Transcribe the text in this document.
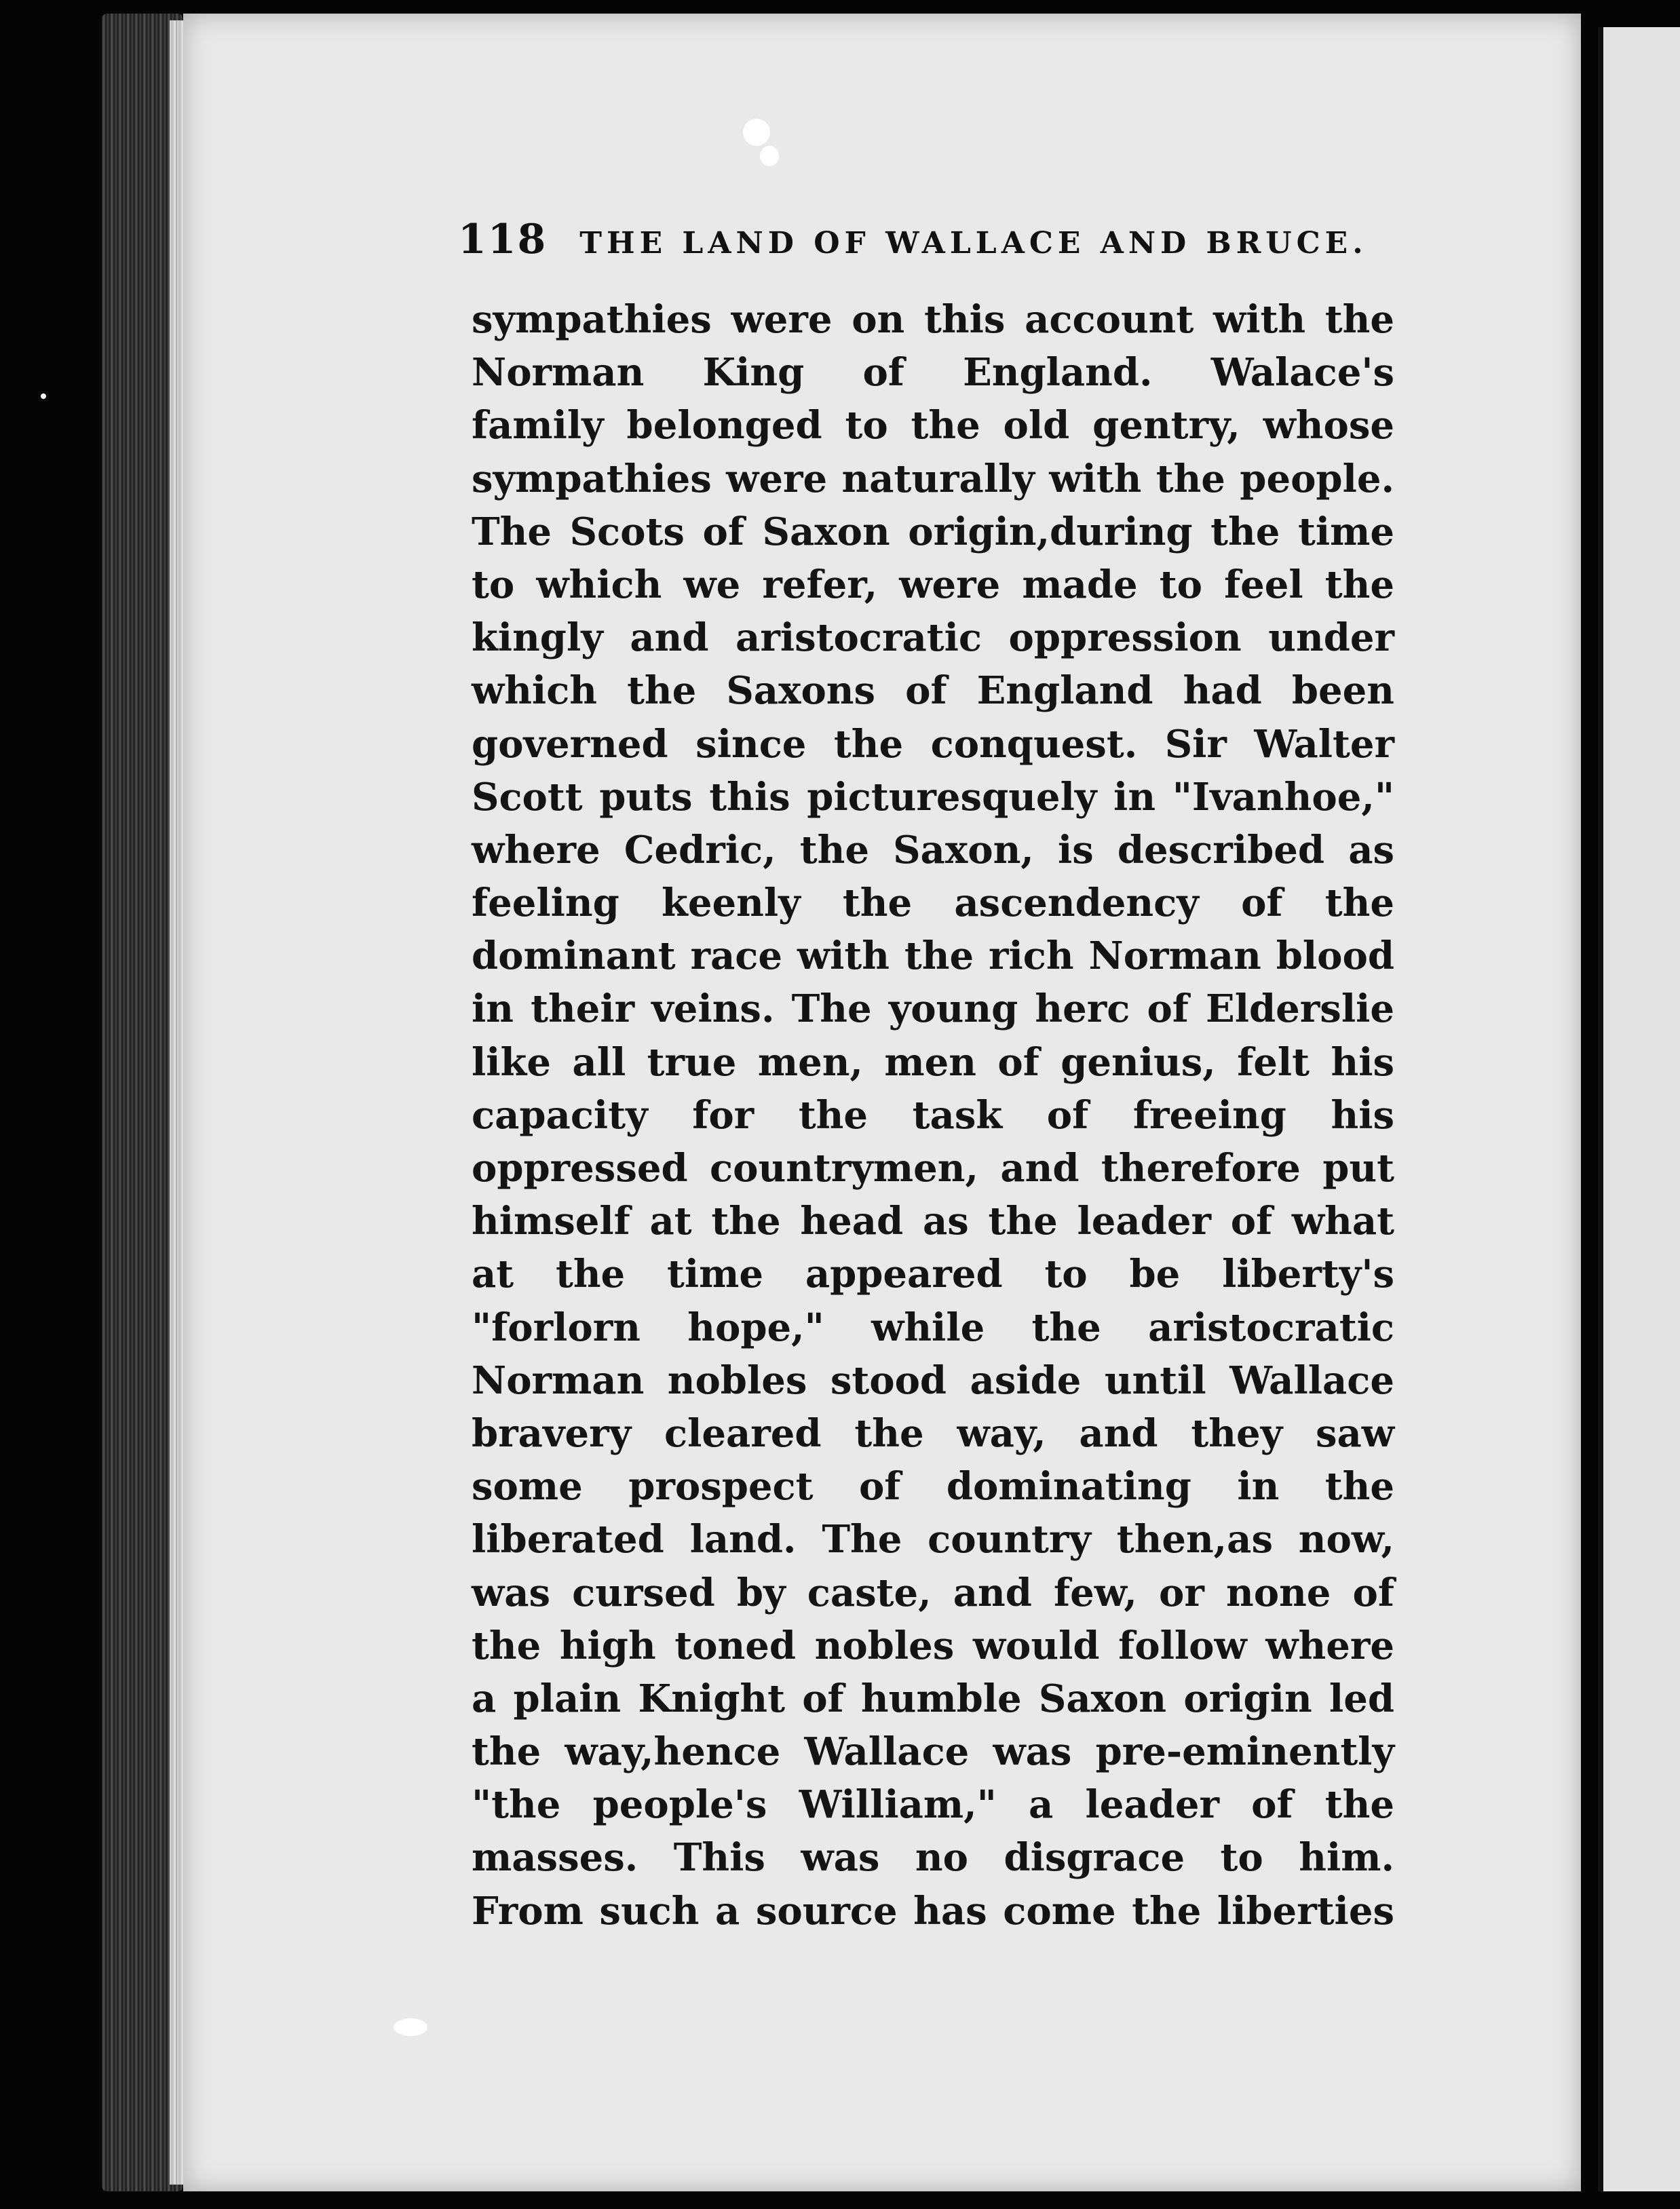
118 THE LAND OF WALLACE AND BRUCE.
sympathies were on this account with the
Norman King of England. Walace's
family belonged to the old gentry, whose
sympathies were naturally with the people.
The Scots of Saxon origin,during the time
to which we refer, were made to feel the
kingly and aristocratic oppression under
which the Saxons of England had been
governed since the conquest. Sir Walter
Scott puts this picturesquely in "Ivanhoe,"
where Cedric, the Saxon, is described as
feeling keenly the ascendency of the
dominant race with the rich Norman blood
in their veins. The young herc of Elderslie
like all true men, men of genius, felt his
capacity for the task of freeing his
oppressed countrymen, and therefore put
himself at the head as the leader of what
at the time appeared to be liberty's
"forlorn hope," while the aristocratic
Norman nobles stood aside until Wallace
bravery cleared the way, and they saw
some prospect of dominating in the
liberated land. The country then,as now,
was cursed by caste, and few, or none of
the high toned nobles would follow where
a plain Knight of humble Saxon origin led
the way,hence Wallace was pre-eminently
"the people's William," a leader of the
masses. This was no disgrace to him.
From such a source has come the liberties
